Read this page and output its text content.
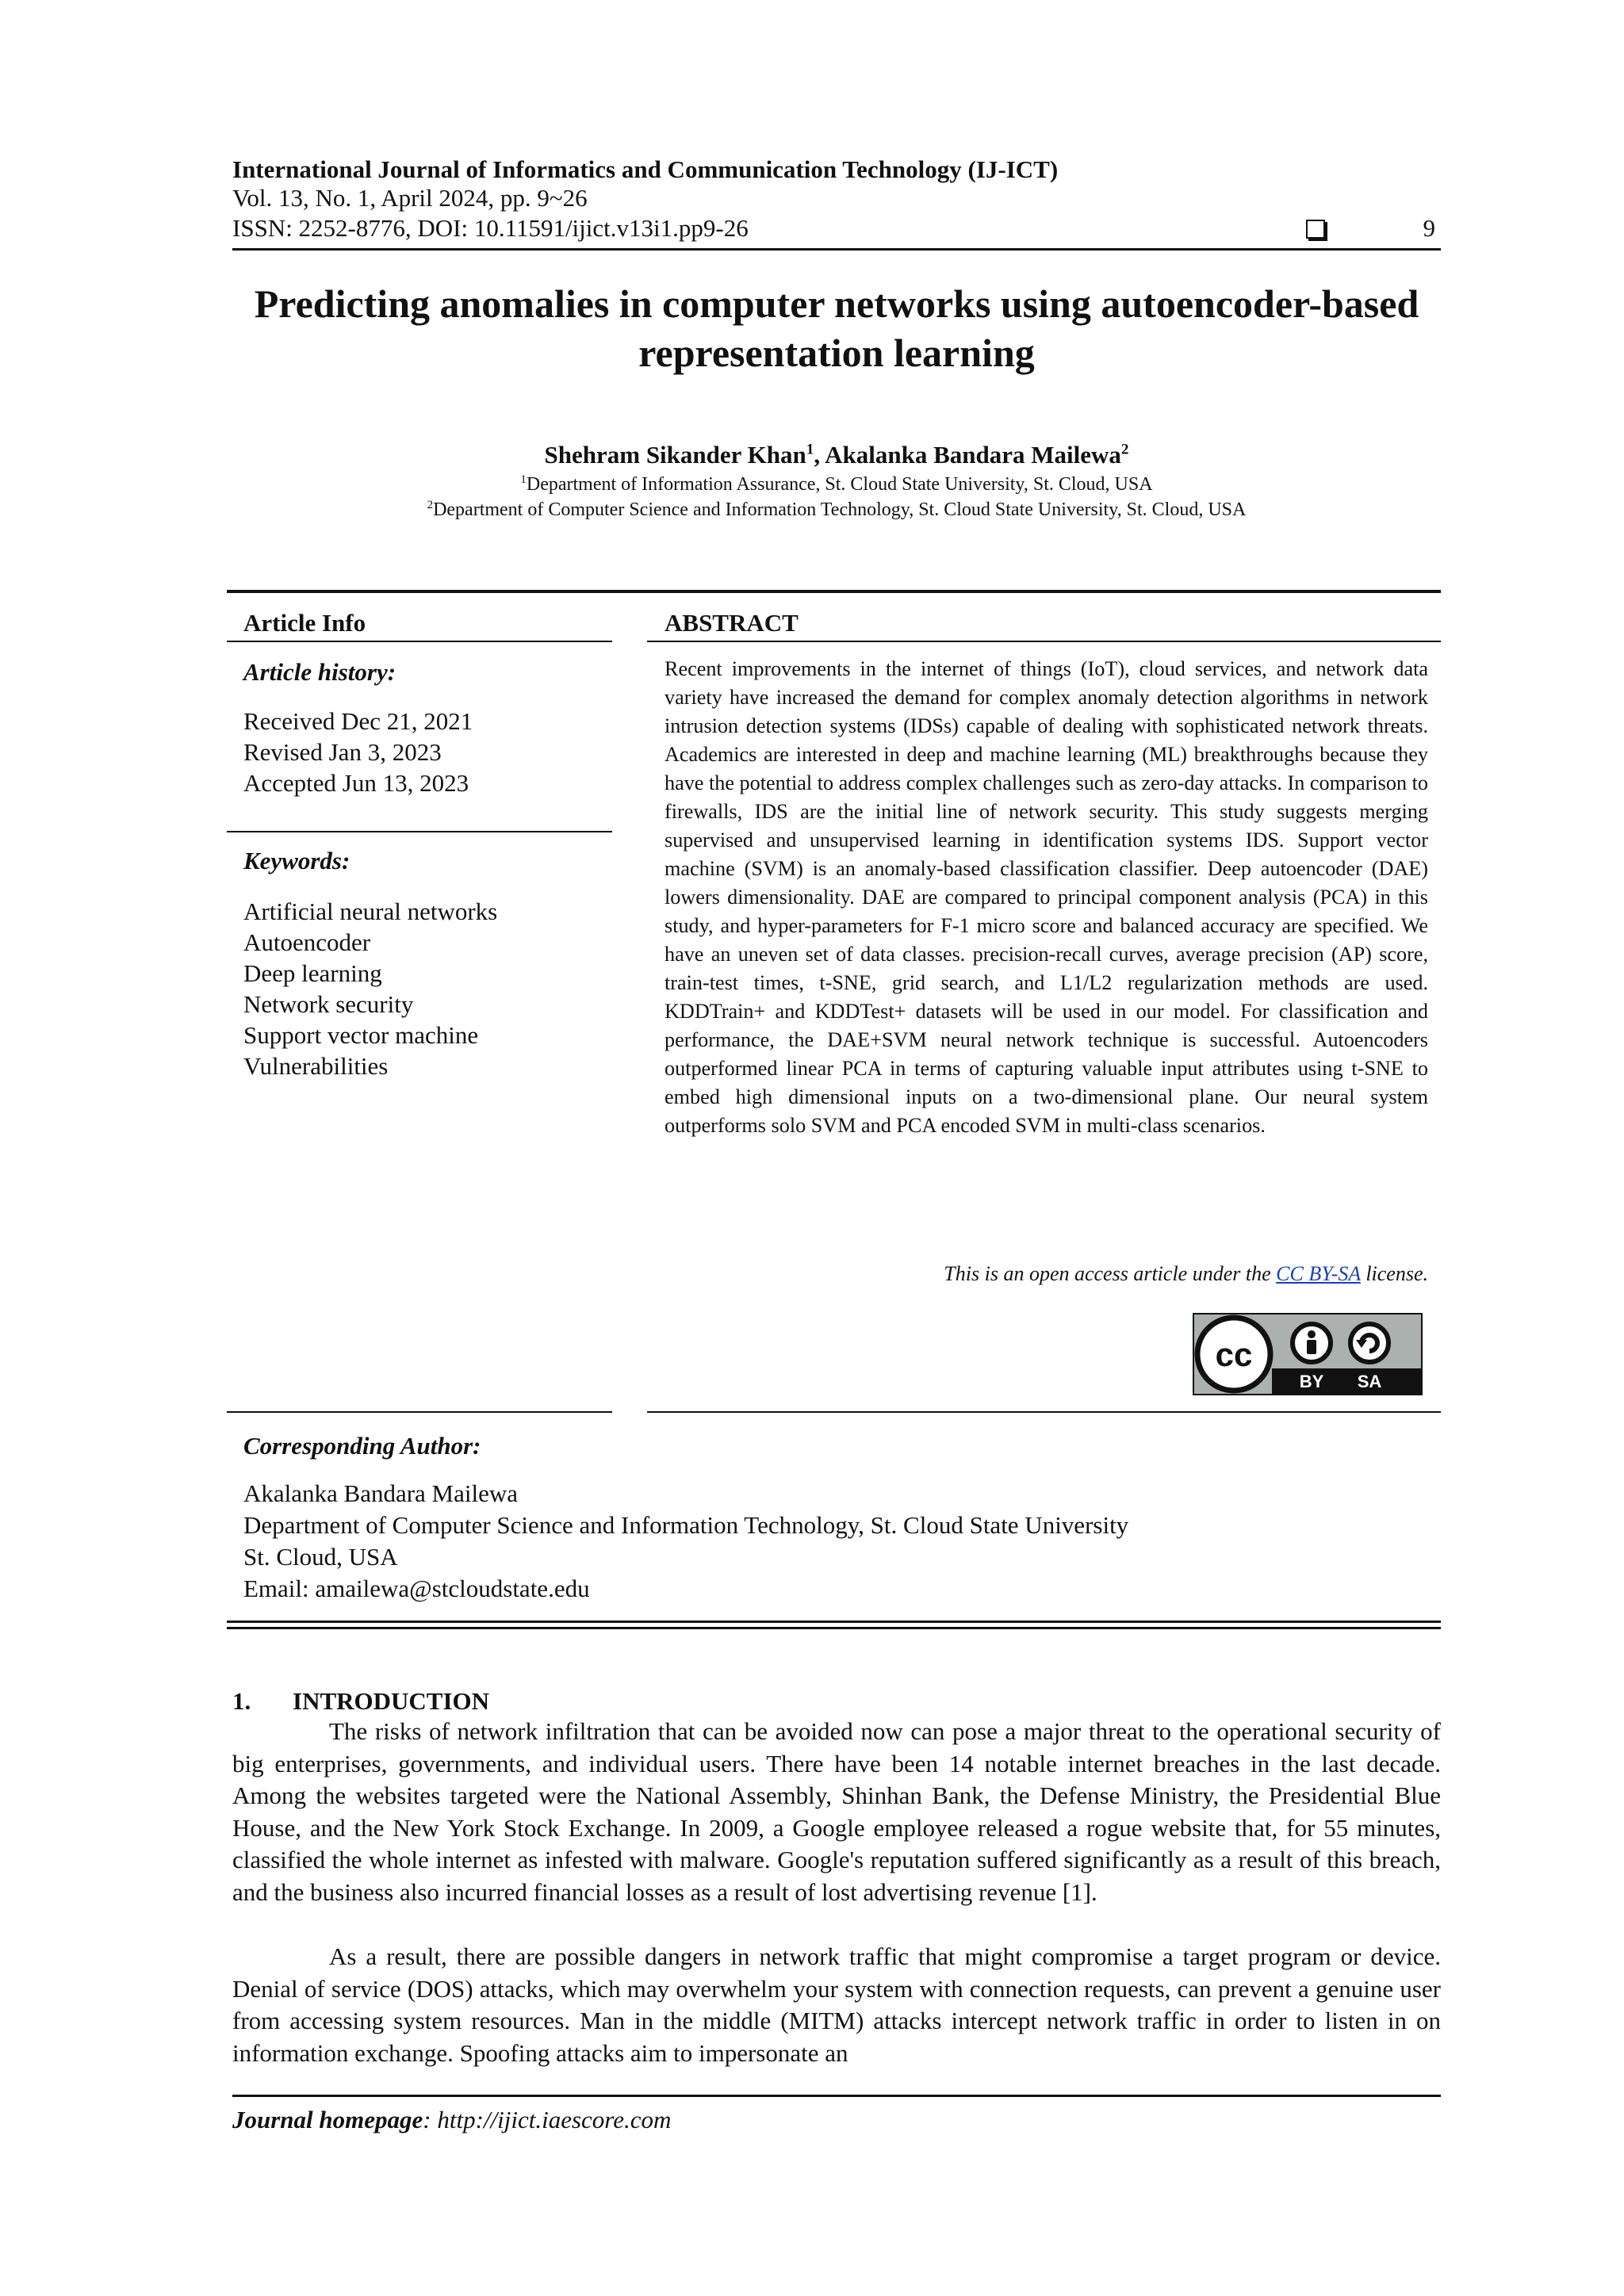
International Journal of Informatics and Communication Technology (IJ-ICT)
Vol. 13, No. 1, April 2024, pp. 9~26
ISSN: 2252-8776, DOI: 10.11591/ijict.v13i1.pp9-26	9
Predicting anomalies in computer networks using autoencoder-based representation learning
Shehram Sikander Khan$^1$, Akalanka Bandara Mailewa$^2$
$^1$Department of Information Assurance, St. Cloud State University, St. Cloud, USA
$^2$Department of Computer Science and Information Technology, St. Cloud State University, St. Cloud, USA
Article Info
Article history:
Received Dec 21, 2021
Revised Jan 3, 2023
Accepted Jun 13, 2023
Keywords:
Artificial neural networks
Autoencoder
Deep learning
Network security
Support vector machine
Vulnerabilities
ABSTRACT
Recent improvements in the internet of things (IoT), cloud services, and network data variety have increased the demand for complex anomaly detection algorithms in network intrusion detection systems (IDSs) capable of dealing with sophisticated network threats. Academics are interested in deep and machine learning (ML) breakthroughs because they have the potential to address complex challenges such as zero-day attacks. In comparison to firewalls, IDS are the initial line of network security. This study suggests merging supervised and unsupervised learning in identification systems IDS. Support vector machine (SVM) is an anomaly-based classification classifier. Deep autoencoder (DAE) lowers dimensionality. DAE are compared to principal component analysis (PCA) in this study, and hyper-parameters for F-1 micro score and balanced accuracy are specified. We have an uneven set of data classes. precision-recall curves, average precision (AP) score, train-test times, t-SNE, grid search, and L1/L2 regularization methods are used. KDDTrain+ and KDDTest+ datasets will be used in our model. For classification and performance, the DAE+SVM neural network technique is successful. Autoencoders outperformed linear PCA in terms of capturing valuable input attributes using t-SNE to embed high dimensional inputs on a two-dimensional plane. Our neural system outperforms solo SVM and PCA encoded SVM in multi-class scenarios.
This is an open access article under the CC BY-SA license.
cc
BY SA
Corresponding Author:
Akalanka Bandara Mailewa
Department of Computer Science and Information Technology, St. Cloud State University
St. Cloud, USA
Email: amailewa@stcloudstate.edu
1. INTRODUCTION
The risks of network infiltration that can be avoided now can pose a major threat to the operational security of big enterprises, governments, and individual users. There have been 14 notable internet breaches in the last decade. Among the websites targeted were the National Assembly, Shinhan Bank, the Defense Ministry, the Presidential Blue House, and the New York Stock Exchange. In 2009, a Google employee released a rogue website that, for 55 minutes, classified the whole internet as infested with malware. Google's reputation suffered significantly as a result of this breach, and the business also incurred financial losses as a result of lost advertising revenue [1].
As a result, there are possible dangers in network traffic that might compromise a target program or device. Denial of service (DOS) attacks, which may overwhelm your system with connection requests, can prevent a genuine user from accessing system resources. Man in the middle (MITM) attacks intercept network traffic in order to listen in on information exchange. Spoofing attacks aim to impersonate an
Journal homepage: http://ijict.iaescore.com
